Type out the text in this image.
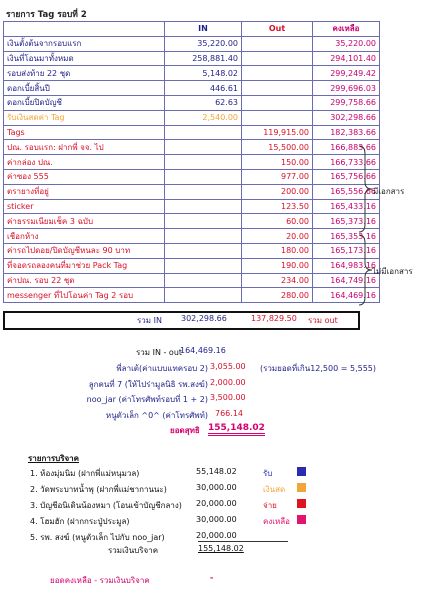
รายการ Tag รอบที่ 2
	IN	Out	คงเหลือ
เงินตั้งต้นจากรอบแรก	35,220.00		35,220.00
เงินที่โอนมาทั้งหมด	258,881.40		294,101.40
รอบส่งท้าย 22 ชุด	5,148.02		299,249.42
ดอกเบี้ยสิ้นปี	446.61		299,696.03
ดอกเบี้ยปิดบัญชี	62.63		299,758.66
รับเงินสดค่า Tag	2,540.00		302,298.66
Tags		119,915.00	182,383.66
ปณ. รอบแรก: ฝากพี่ จจ. ไป		15,500.00	166,883.66
ค่ากล่อง ปณ.		150.00	166,733.66
ค่าซอง 555		977.00	165,756.66
ตรายางที่อยู่		200.00	165,556.66
sticker		123.50	165,433.16
ค่าธรรมเนียมเช็ค 3 ฉบับ		60.00	165,373.16
เชือกห้าง		20.00	165,353.16
ค่ารถไปดอย/ปิดบัญชีหนละ 90 บาท		180.00	165,173.16
ที่จอดรถลองคนที่มาช่วย Pack Tag		190.00	164,983.16
ค่าปณ. รอบ 22 ชุด		234.00	164,749.16
messenger ที่ไปโอนค่า Tag 2 รอบ		280.00	164,469.16
มีเอกสาร
ไม่มีเอกสาร
รวม IN 302,298.66	137,829.50 รวม out
รวม IN - out
164,469.16
พี่ลาเต้(ค่าแบบแทครอบ 2) 3,055.00 (รวมยอดที่เกิน12,500 = 5,555)
ลูกคนที่ 7 (ให้ไปร่ามูลนิธิ รพ.สงฆ์) 2,000.00
noo_jar (ค่าโทรศัพท์รอบที่ 1 + 2) 3,500.00
หนูตัวเล็ก ^0^ (ค่าโทรศัพท์) 766.14
ยอดสุทธิ 155,148.02
รายการบริจาค
1. ห้องมุ่มนิม (ฝากพี่แม่หนุมวล)	55,148.02
2. วัดพระบาทน้ำพุ (ฝากพี่แม่ชากานนะ)	30,000.00
3. บัญชีอนิเดินน้องหมา (โอนเข้าบัญชีกลาง) 20,000.00
4. โฮมฮัก (ฝากกระปู่ประมูล)	30,000.00
5. รพ. สงฆ์ (หนูตัวเล็ก ไปกับ noo_jar)	20,000.00
รวมเงินบริจาค	155,148.02
รับ
เงินสด
จ่าย
คงเหลือ
ยอดคงเหลือ - รวมเงินบริจาค	-
